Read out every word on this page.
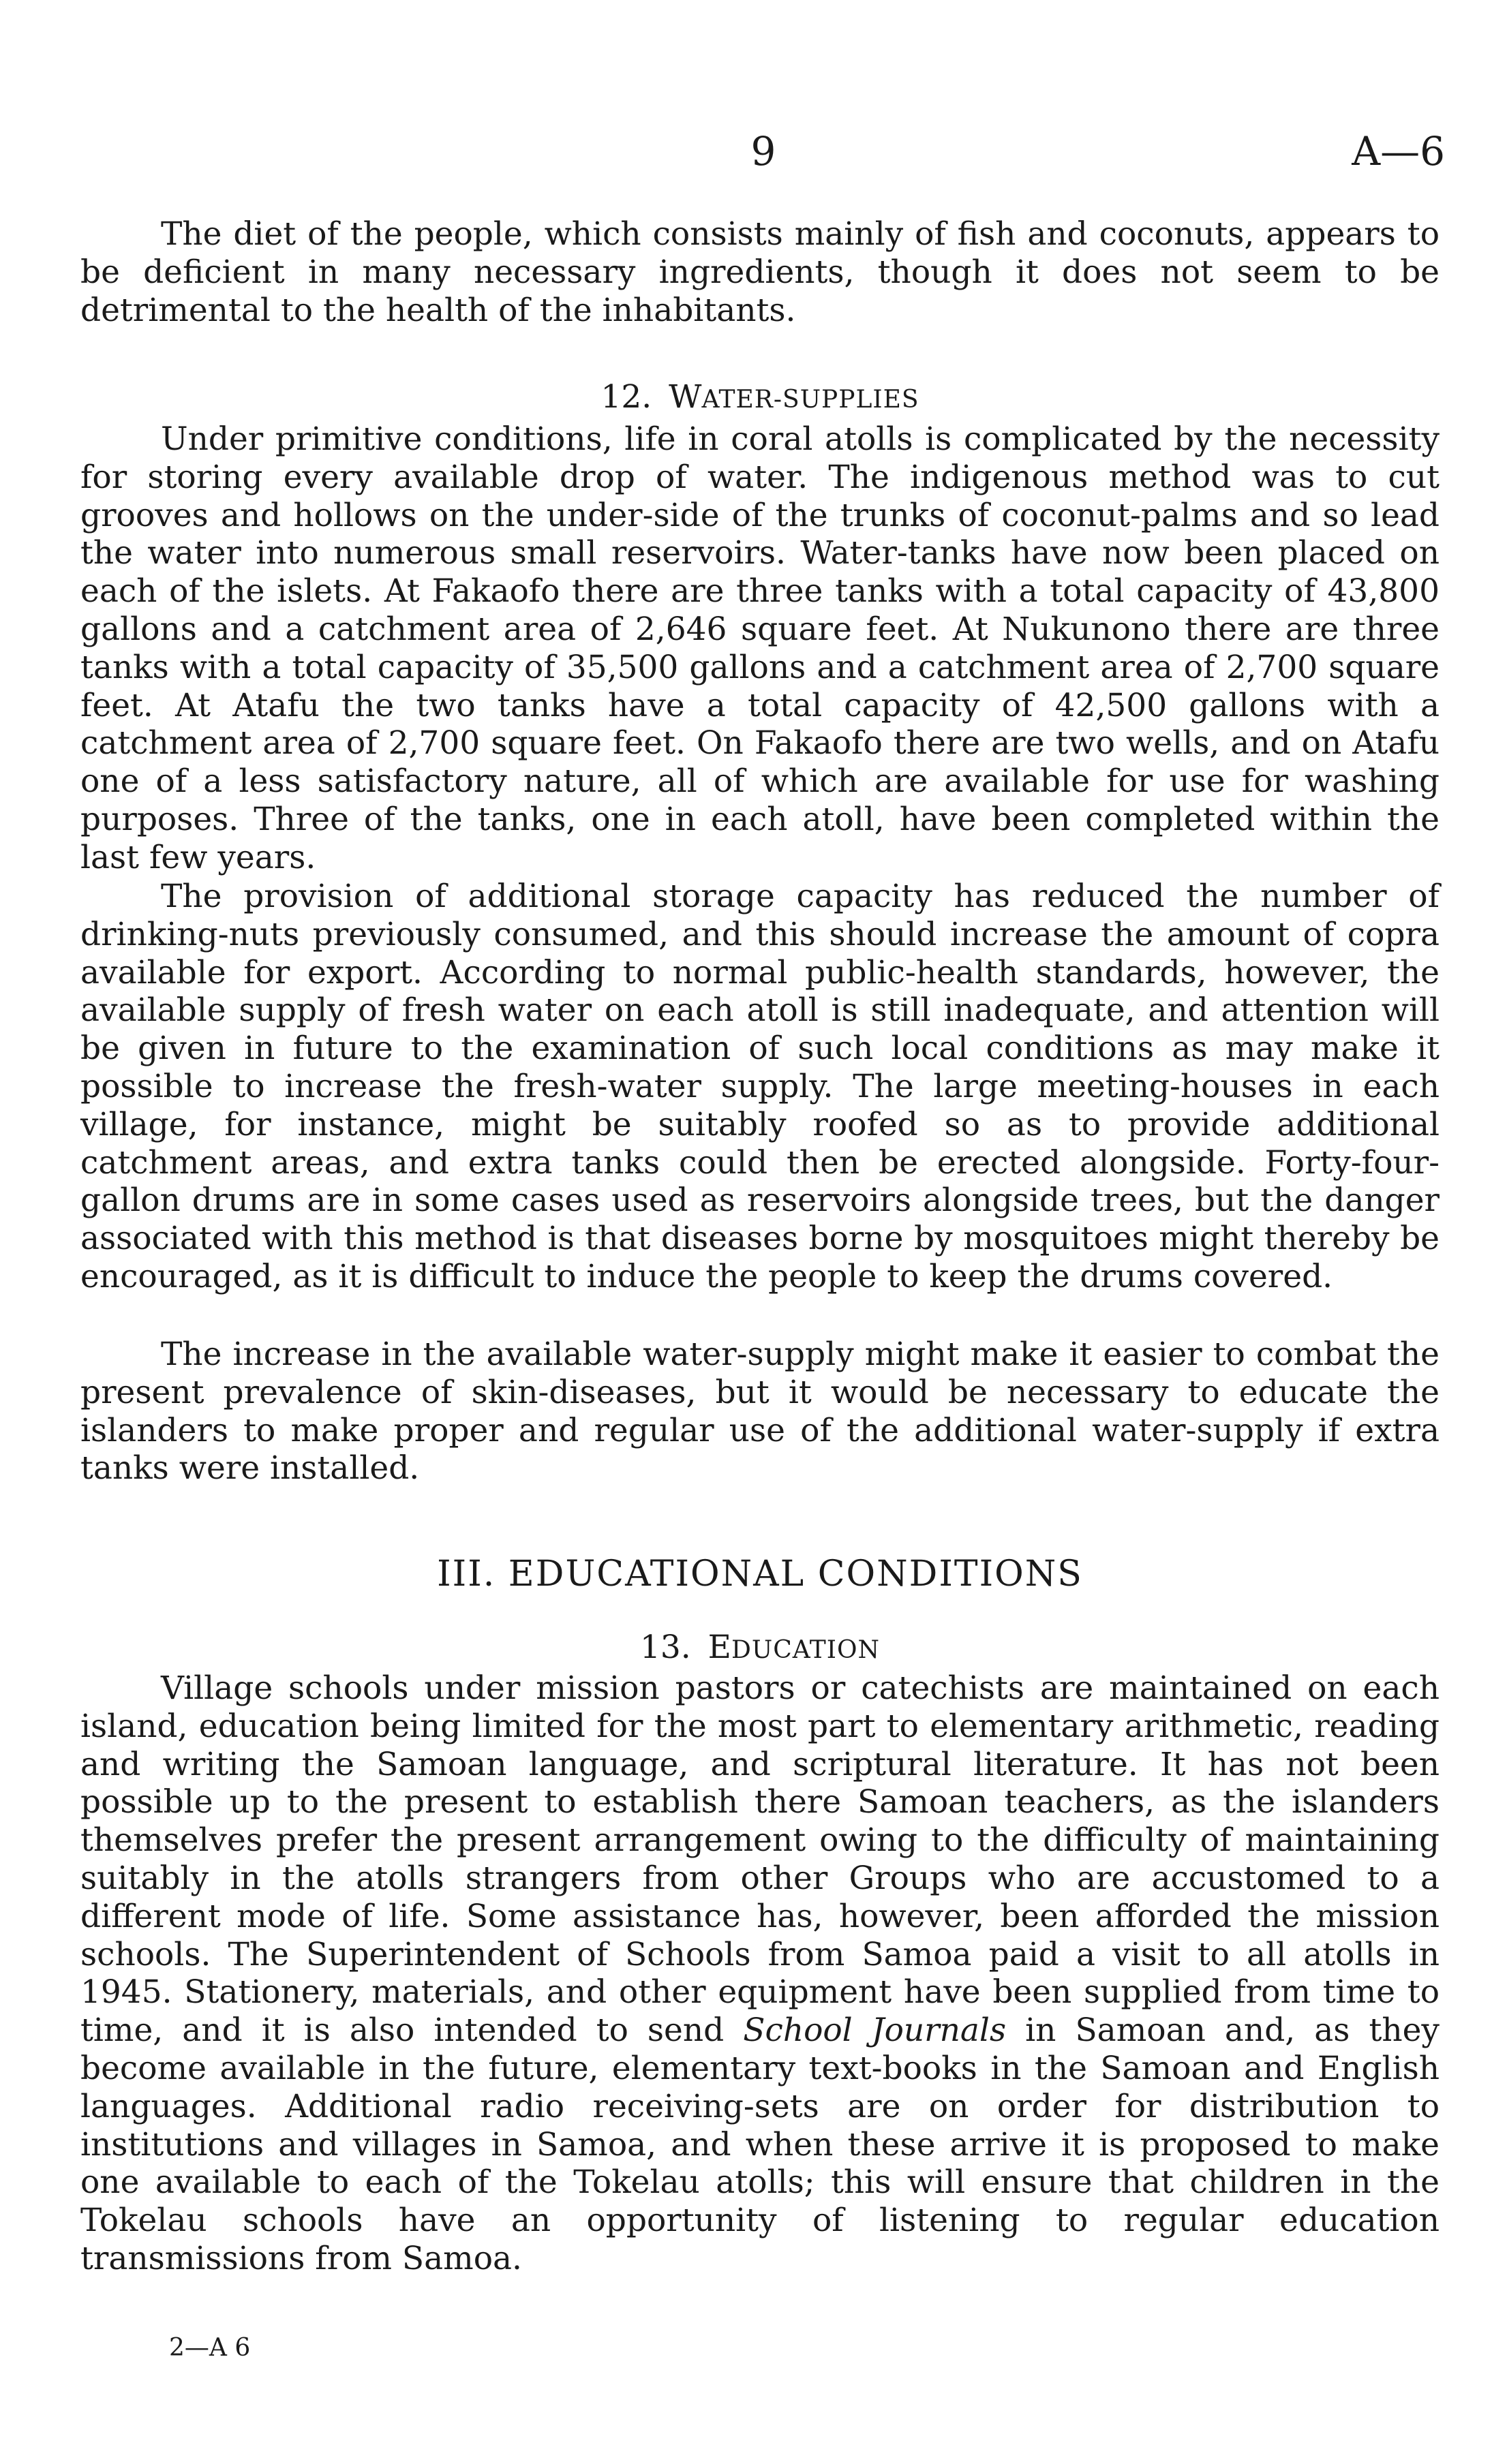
9	A—6

The diet of the people, which consists mainly of fish and coconuts, appears to be deficient in many necessary ingredients, though it does not seem to be detrimental to the health of the inhabitants.

12. WATER-SUPPLIES

Under primitive conditions, life in coral atolls is complicated by the necessity for storing every available drop of water. The indigenous method was to cut grooves and hollows on the under-side of the trunks of coconut-palms and so lead the water into numerous small reservoirs. Water-tanks have now been placed on each of the islets. At Fakaofo there are three tanks with a total capacity of 43,800 gallons and a catchment area of 2,646 square feet. At Nukunono there are three tanks with a total capacity of 35,500 gallons and a catchment area of 2,700 square feet. At Atafu the two tanks have a total capacity of 42,500 gallons with a catchment area of 2,700 square feet. On Fakaofo there are two wells, and on Atafu one of a less satisfactory nature, all of which are available for use for washing purposes. Three of the tanks, one in each atoll, have been completed within the last few years.

The provision of additional storage capacity has reduced the number of drinking-nuts previously consumed, and this should increase the amount of copra available for export. According to normal public-health standards, however, the available supply of fresh water on each atoll is still inadequate, and attention will be given in future to the examination of such local conditions as may make it possible to increase the fresh-water supply. The large meeting-houses in each village, for instance, might be suitably roofed so as to provide additional catchment areas, and extra tanks could then be erected alongside. Forty-four-gallon drums are in some cases used as reservoirs alongside trees, but the danger associated with this method is that diseases borne by mosquitoes might thereby be encouraged, as it is difficult to induce the people to keep the drums covered.

The increase in the available water-supply might make it easier to combat the present prevalence of skin-diseases, but it would be necessary to educate the islanders to make proper and regular use of the additional water-supply if extra tanks were installed.

III. EDUCATIONAL CONDITIONS
13. EDUCATION

Village schools under mission pastors or catechists are maintained on each island, education being limited for the most part to elementary arithmetic, reading and writing the Samoan language, and scriptural literature. It has not been possible up to the present to establish there Samoan teachers, as the islanders themselves prefer the present arrangement owing to the difficulty of maintaining suitably in the atolls strangers from other Groups who are accustomed to a different mode of life. Some assistance has, however, been afforded the mission schools. The Superintendent of Schools from Samoa paid a visit to all atolls in 1945. Stationery, materials, and other equipment have been supplied from time to time, and it is also intended to send School Journals in Samoan and, as they become available in the future, elementary text-books in the Samoan and English languages. Additional radio receiving-sets are on order for distribution to institutions and villages in Samoa, and when these arrive it is proposed to make one available to each of the Tokelau atolls; this will ensure that children in the Tokelau schools have an opportunity of listening to regular education transmissions from Samoa.

2—A 6
